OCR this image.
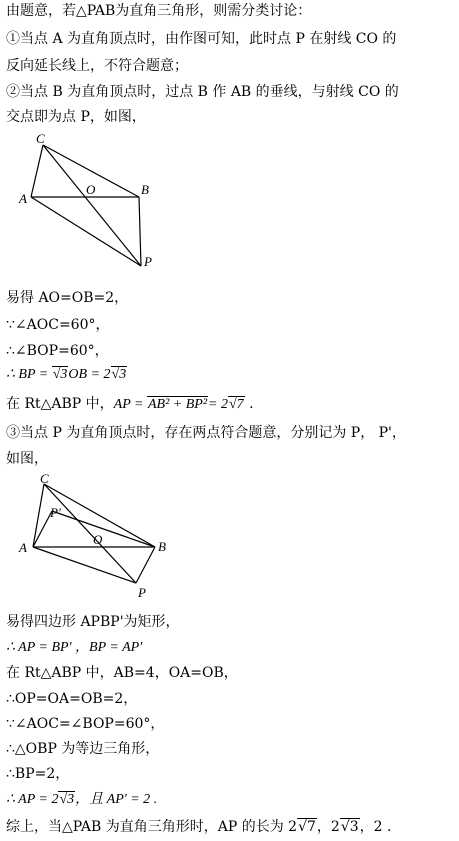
由题意，若△PAB为直角三角形，则需分类讨论：
①当点 A 为直角顶点时，由作图可知，此时点 P 在射线 CO 的
反向延长线上，不符合题意；
②当点 B 为直角顶点时，过点 B 作 AB 的垂线，与射线 CO 的
交点即为点 P，如图，
易得 AO=OB=2，
∵∠AOC=60°，
∴∠BOP=60°，
∴ BP = √3OB = 2√3
在 Rt△ABP 中，AP = AB² + BP²= 2√7 .
③当点 P 为直角顶点时，存在两点符合题意，分别记为 P， P'，
如图，
易得四边形 APBP'为矩形，
∴ AP = BP' ，BP = AP'
在 Rt△ABP 中，AB=4，OA=OB，
∴OP=OA=OB=2，
∵∠AOC=∠BOP=60°，
∴△OBP 为等边三角形，
∴BP=2，
∴ AP = 2√3，且 AP' = 2 .
综上，当△PAB 为直角三角形时，AP 的长为 2√7，2√3，2 .
C
A
O	B
P
C
P'
A
O	B
P
